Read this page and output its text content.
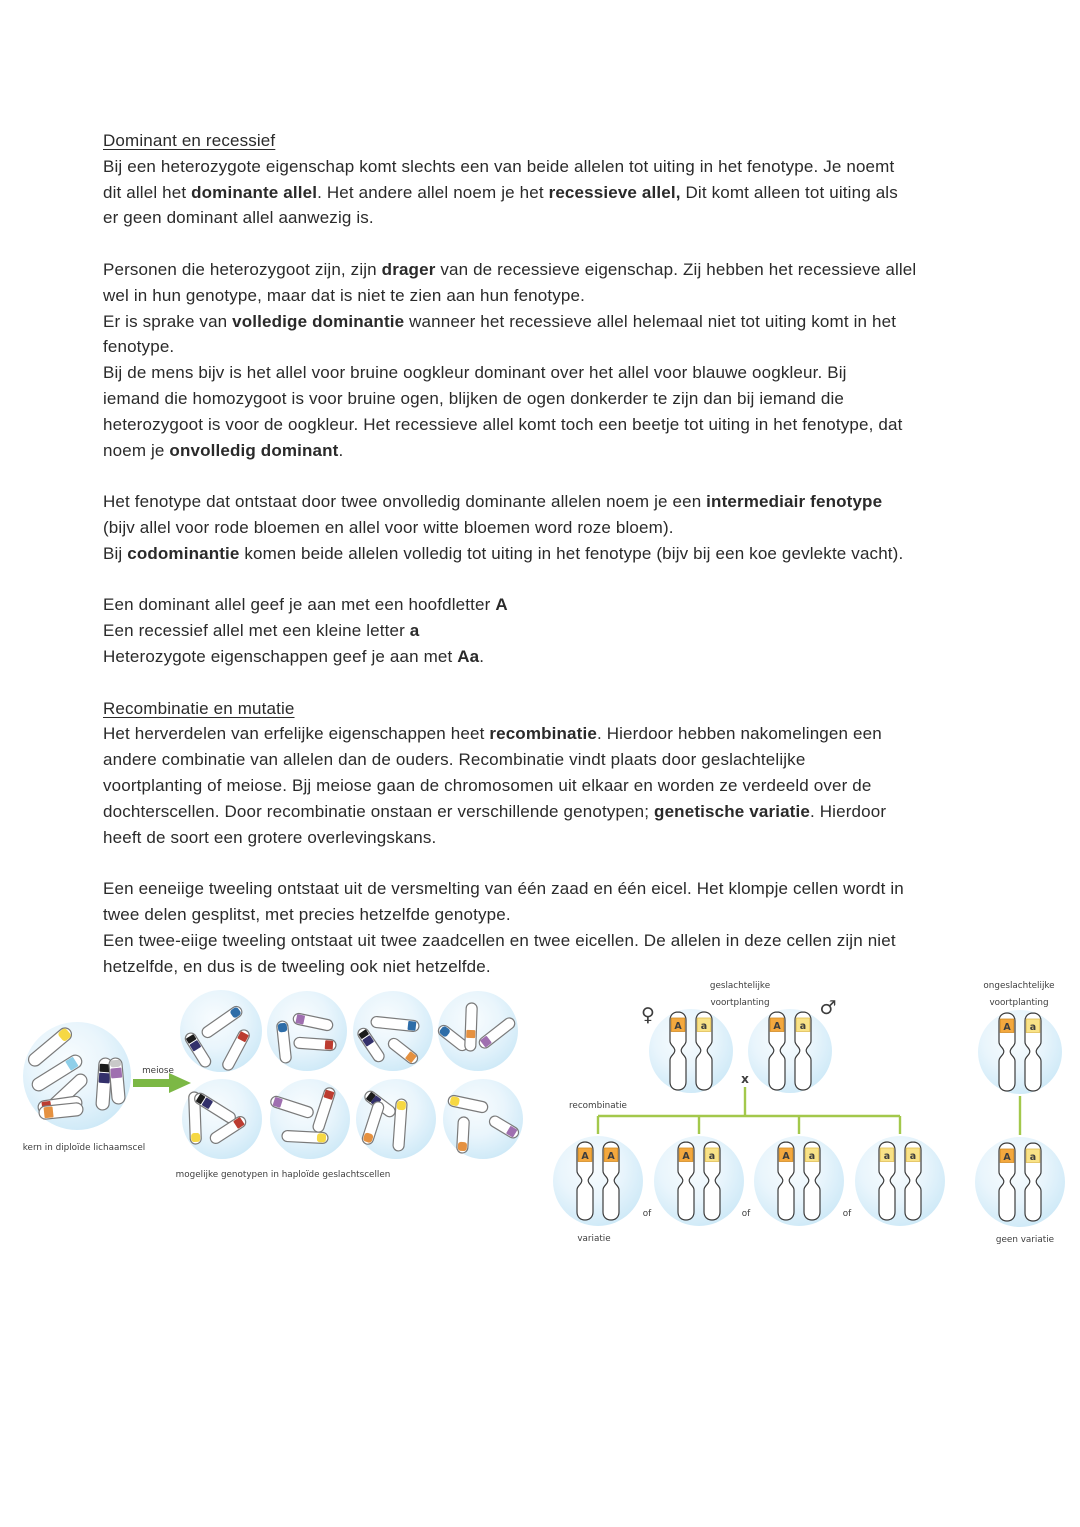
Dominant en recessief
Bij een heterozygote eigenschap komt slechts een van beide allelen tot uiting in het fenotype. Je noemt
dit allel het dominante allel. Het andere allel noem je het recessieve allel, Dit komt alleen tot uiting als
er geen dominant allel aanwezig is.
Personen die heterozygoot zijn, zijn drager van de recessieve eigenschap. Zij hebben het recessieve allel
wel in hun genotype, maar dat is niet te zien aan hun fenotype.
Er is sprake van volledige dominantie wanneer het recessieve allel helemaal niet tot uiting komt in het
fenotype.
Bij de mens bijv is het allel voor bruine oogkleur dominant over het allel voor blauwe oogkleur. Bij
iemand die homozygoot is voor bruine ogen, blijken de ogen donkerder te zijn dan bij iemand die
heterozygoot is voor de oogkleur. Het recessieve allel komt toch een beetje tot uiting in het fenotype, dat
noem je onvolledig dominant.
Het fenotype dat ontstaat door twee onvolledig dominante allelen noem je een intermediair fenotype
(bijv allel voor rode bloemen en allel voor witte bloemen word roze bloem).
Bij codominantie komen beide allelen volledig tot uiting in het fenotype (bijv bij een koe gevlekte vacht).
Een dominant allel geef je aan met een hoofdletter A
Een recessief allel met een kleine letter a
Heterozygote eigenschappen geef je aan met Aa.
Recombinatie en mutatie
Het herverdelen van erfelijke eigenschappen heet recombinatie. Hierdoor hebben nakomelingen een
andere combinatie van allelen dan de ouders. Recombinatie vindt plaats door geslachtelijke
voortplanting of meiose. Bjj meiose gaan de chromosomen uit elkaar en worden ze verdeeld over de
dochterscellen. Door recombinatie onstaan er verschillende genotypen; genetische variatie. Hierdoor
heeft de soort een grotere overlevingskans.
Een eeneiige tweeling ontstaat uit de versmelting van één zaad en één eicel. Het klompje cellen wordt in
twee delen gesplitst, met precies hetzelfde genotype.
Een twee-eiige tweeling ontstaat uit twee zaadcellen en twee eicellen. De allelen in deze cellen zijn niet
hetzelfde, en dus is de tweeling ook niet hetzelfde.
meiose
kern in diploïde lichaamscel
mogelijke genotypen in haploïde geslachtscellen
geslachtelijke
voortplanting
ongeslachtelijke
voortplanting
♀	♂
x
A a	A a
A A	A a	A a	a a
A a
A a
recombinatie
of	of	of
variatie	geen variatie
